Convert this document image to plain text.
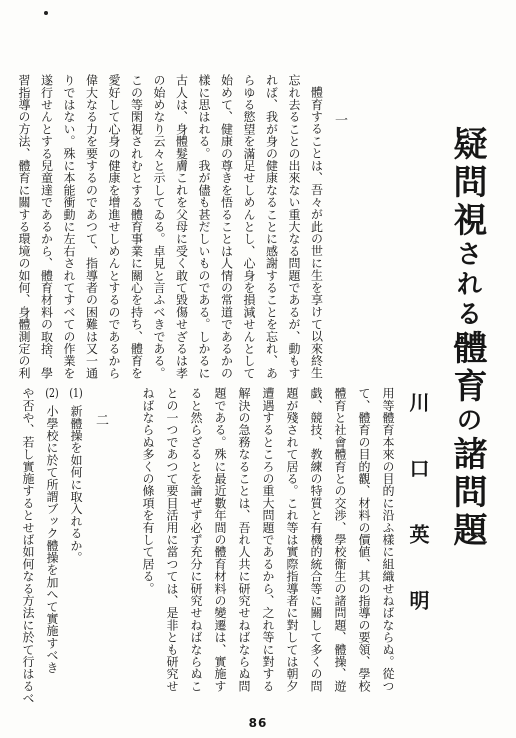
疑問視される體育の諸問題
川口英明
一
體育することは、吾々が此の世に生を享けて以來終生
忘れ去ることの出來ない重大なる問題であるが、動もす
れば、我が身の健康なることに感謝することを忘れ、あ
らゆる慾望を滿足せしめんとし、心身を損減せんとして
始めて、健康の尊きを悟ることは人情の常道であるかの
樣に思はれる。我が儘も甚だしいものである。しかるに
古人は、身體髮膚これを父母に受く敢て毀傷せざるは孝
の始めなり云々と示してゐる。卓見と言ふべきである。
この等閑視されむとする體育事業に關心を持ち、體育を
愛好して心身の健康を增進せしめんとするのであるから
偉大なる力を要するのであつて、指導者の困難は又一通
りではない。殊に本能衝動に左右されてすべての作業を
遂行せんとする兒童達であるから、體育材料の取捨、學
習指導の方法、體育に關する環境の如何、身體測定の利
用等體育本來の目的に沿ふ樣に組織せねばならぬ。從つ
て、體育の目的觀、材料の價値、其の指導の要領、學校
體育と社會體育との交渉、學校衞生の諸問題、體操、遊
戯、競技、教練の特質と有機的統合等に關して多くの問
題が殘されて居る。これ等は實際指導者に對しては朝夕
遭遇するところの重大問題であるから、之れ等に對する
解決の急務なることは、吾れ人共に研究せねばならぬ問
題である。殊に最近數年間の體育材料の變遷は、實施す
ると然らざるとを論ぜず必ず充分に研究せねばならぬこ
との一つであつて要目活用に當つては、是非とも研究せ
ねばならぬ多くの條項を有して居る。
二
(1)新體操を如何に取入れるか。
(2)小學校に於て所謂ブック體操を加へて實施すべき
や否や、若し實施するとせば如何なる方法に於て行はるべ
86
